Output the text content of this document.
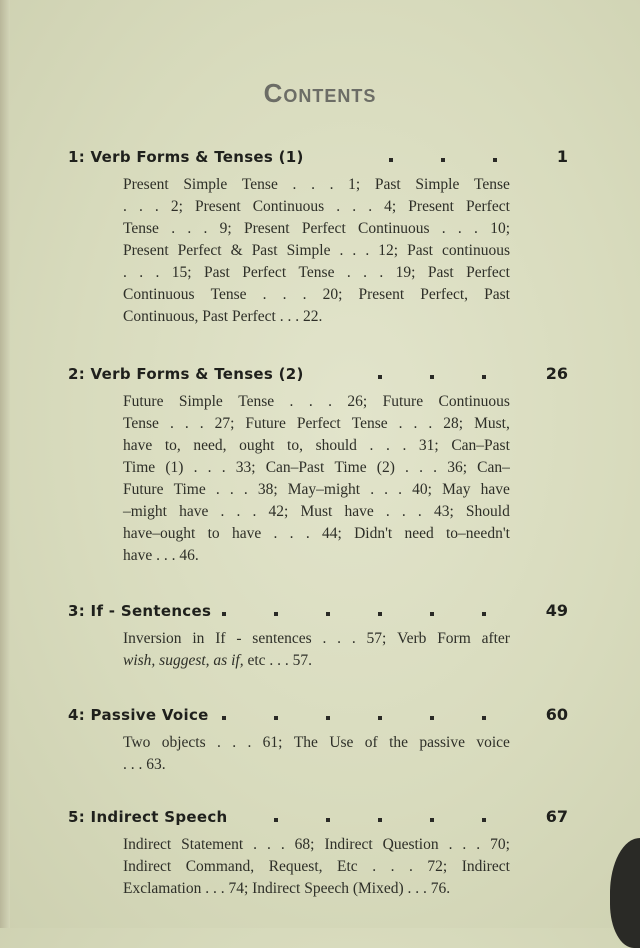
Contents
1: Verb Forms & Tenses (1)	1
Present Simple Tense . . . 1; Past Simple Tense
. . . 2; Present Continuous . . . 4; Present Perfect
Tense . . . 9; Present Perfect Continuous . . . 10;
Present Perfect & Past Simple . . . 12; Past continuous
. . . 15; Past Perfect Tense . . . 19; Past Perfect
Continuous Tense . . . 20; Present Perfect, Past
Continuous, Past Perfect . . . 22.
2: Verb Forms & Tenses (2)	26
Future Simple Tense . . . 26; Future Continuous
Tense . . . 27; Future Perfect Tense . . . 28; Must,
have to, need, ought to, should . . . 31; Can–Past
Time (1) . . . 33; Can–Past Time (2) . . . 36; Can–
Future Time . . . 38; May–might . . . 40; May have
–might have . . . 42; Must have . . . 43; Should
have–ought to have . . . 44; Didn't need to–needn't
have . . . 46.
3: If - Sentences	49
Inversion in If - sentences . . . 57; Verb Form after
wish, suggest, as if, etc . . . 57.
4: Passive Voice	60
Two objects . . . 61; The Use of the passive voice
. . . 63.
5: Indirect Speech	67
Indirect Statement . . . 68; Indirect Question . . . 70;
Indirect Command, Request, Etc . . . 72; Indirect
Exclamation . . . 74; Indirect Speech (Mixed) . . . 76.
